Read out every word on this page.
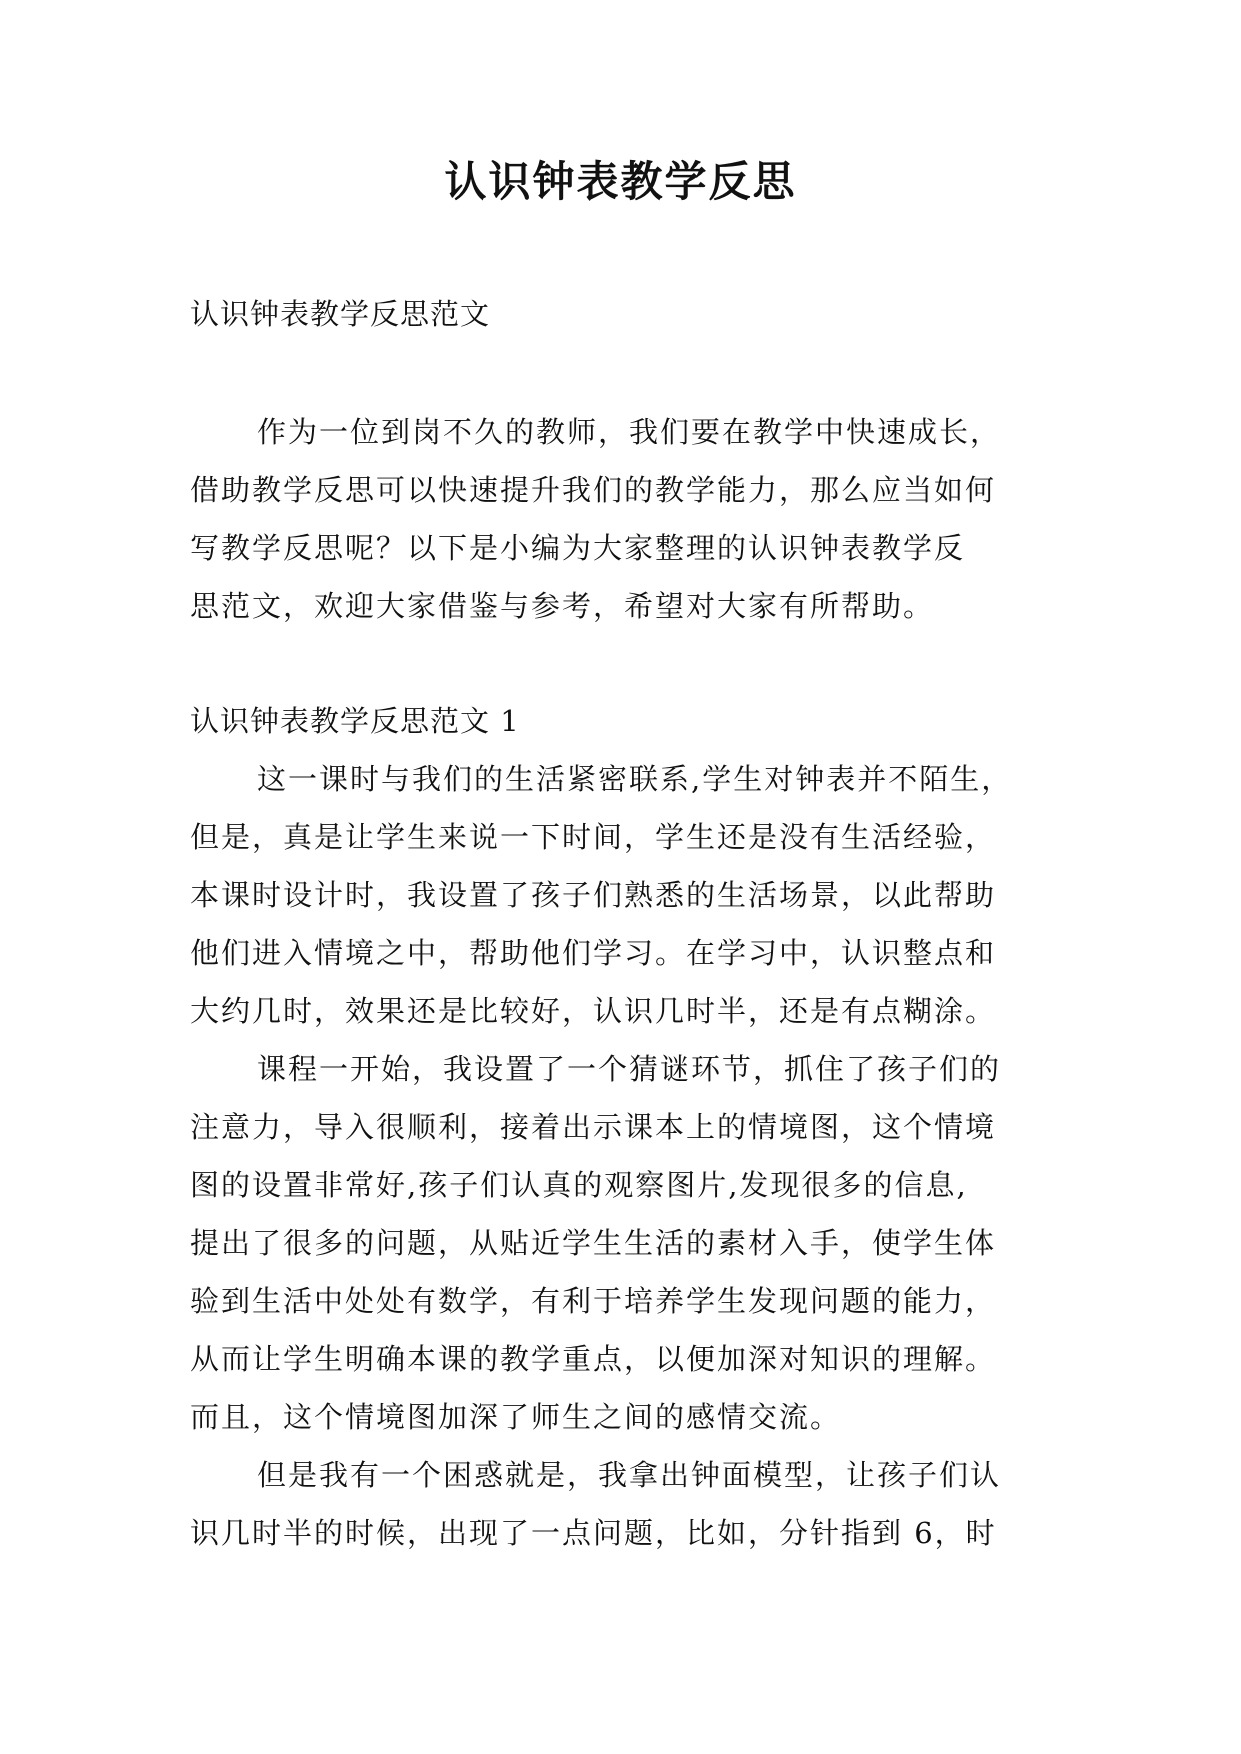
认识钟表教学反思
认识钟表教学反思范文
作为一位到岗不久的教师，我们要在教学中快速成长，
借助教学反思可以快速提升我们的教学能力，那么应当如何
写教学反思呢？以下是小编为大家整理的认识钟表教学反
思范文，欢迎大家借鉴与参考，希望对大家有所帮助。
认识钟表教学反思范文 1
这一课时与我们的生活紧密联系,学生对钟表并不陌生，
但是，真是让学生来说一下时间，学生还是没有生活经验，
本课时设计时，我设置了孩子们熟悉的生活场景，以此帮助
他们进入情境之中，帮助他们学习。在学习中，认识整点和
大约几时，效果还是比较好，认识几时半，还是有点糊涂。
课程一开始，我设置了一个猜谜环节，抓住了孩子们的
注意力，导入很顺利，接着出示课本上的情境图，这个情境
图的设置非常好,孩子们认真的观察图片,发现很多的信息,
提出了很多的问题，从贴近学生生活的素材入手，使学生体
验到生活中处处有数学，有利于培养学生发现问题的能力，
从而让学生明确本课的教学重点，以便加深对知识的理解。
而且，这个情境图加深了师生之间的感情交流。
但是我有一个困惑就是，我拿出钟面模型，让孩子们认
识几时半的时候，出现了一点问题，比如，分针指到 6，时
